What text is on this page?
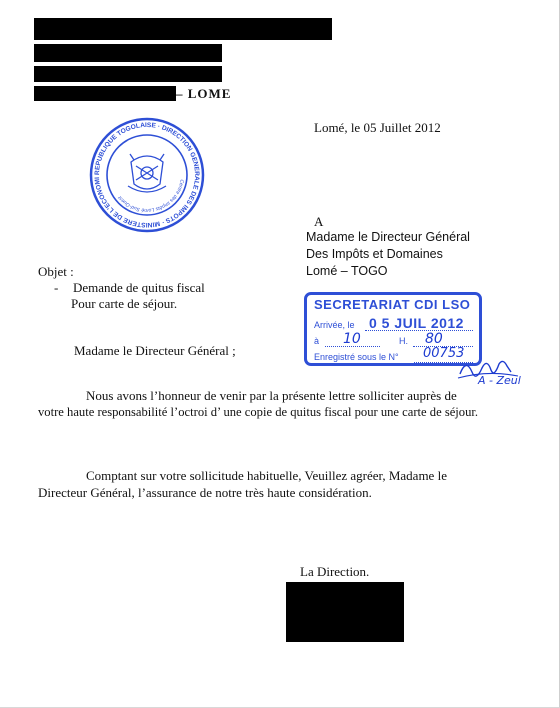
– LOME
Lomé, le 05 Juillet 2012
REPUBLIQUE TOGOLAISE · DIRECTION GENERALE DES IMPOTS · MINISTERE DE L'ECONOMI
Centre des impôts Lomé Sud-Ouest
A
Madame le Directeur Général
Des Impôts et Domaines
Lomé – TOGO
Objet :
- Demande de quitus fiscal
Pour carte de séjour.	SECRETARIAT CDI LSO
Arrivée, le 0 5 JUIL 2012
à 10	H. 80
Enregistré sous le N° 00753
A - Zeul
Madame le Directeur Général ;
Nous avons l’honneur de venir par la présente lettre solliciter auprès de
votre haute responsabilité l’octroi d’ une copie de quitus fiscal pour une carte de séjour.
Comptant sur votre sollicitude habituelle, Veuillez agréer, Madame le
Directeur Général, l’assurance de notre très haute considération.
La Direction.
